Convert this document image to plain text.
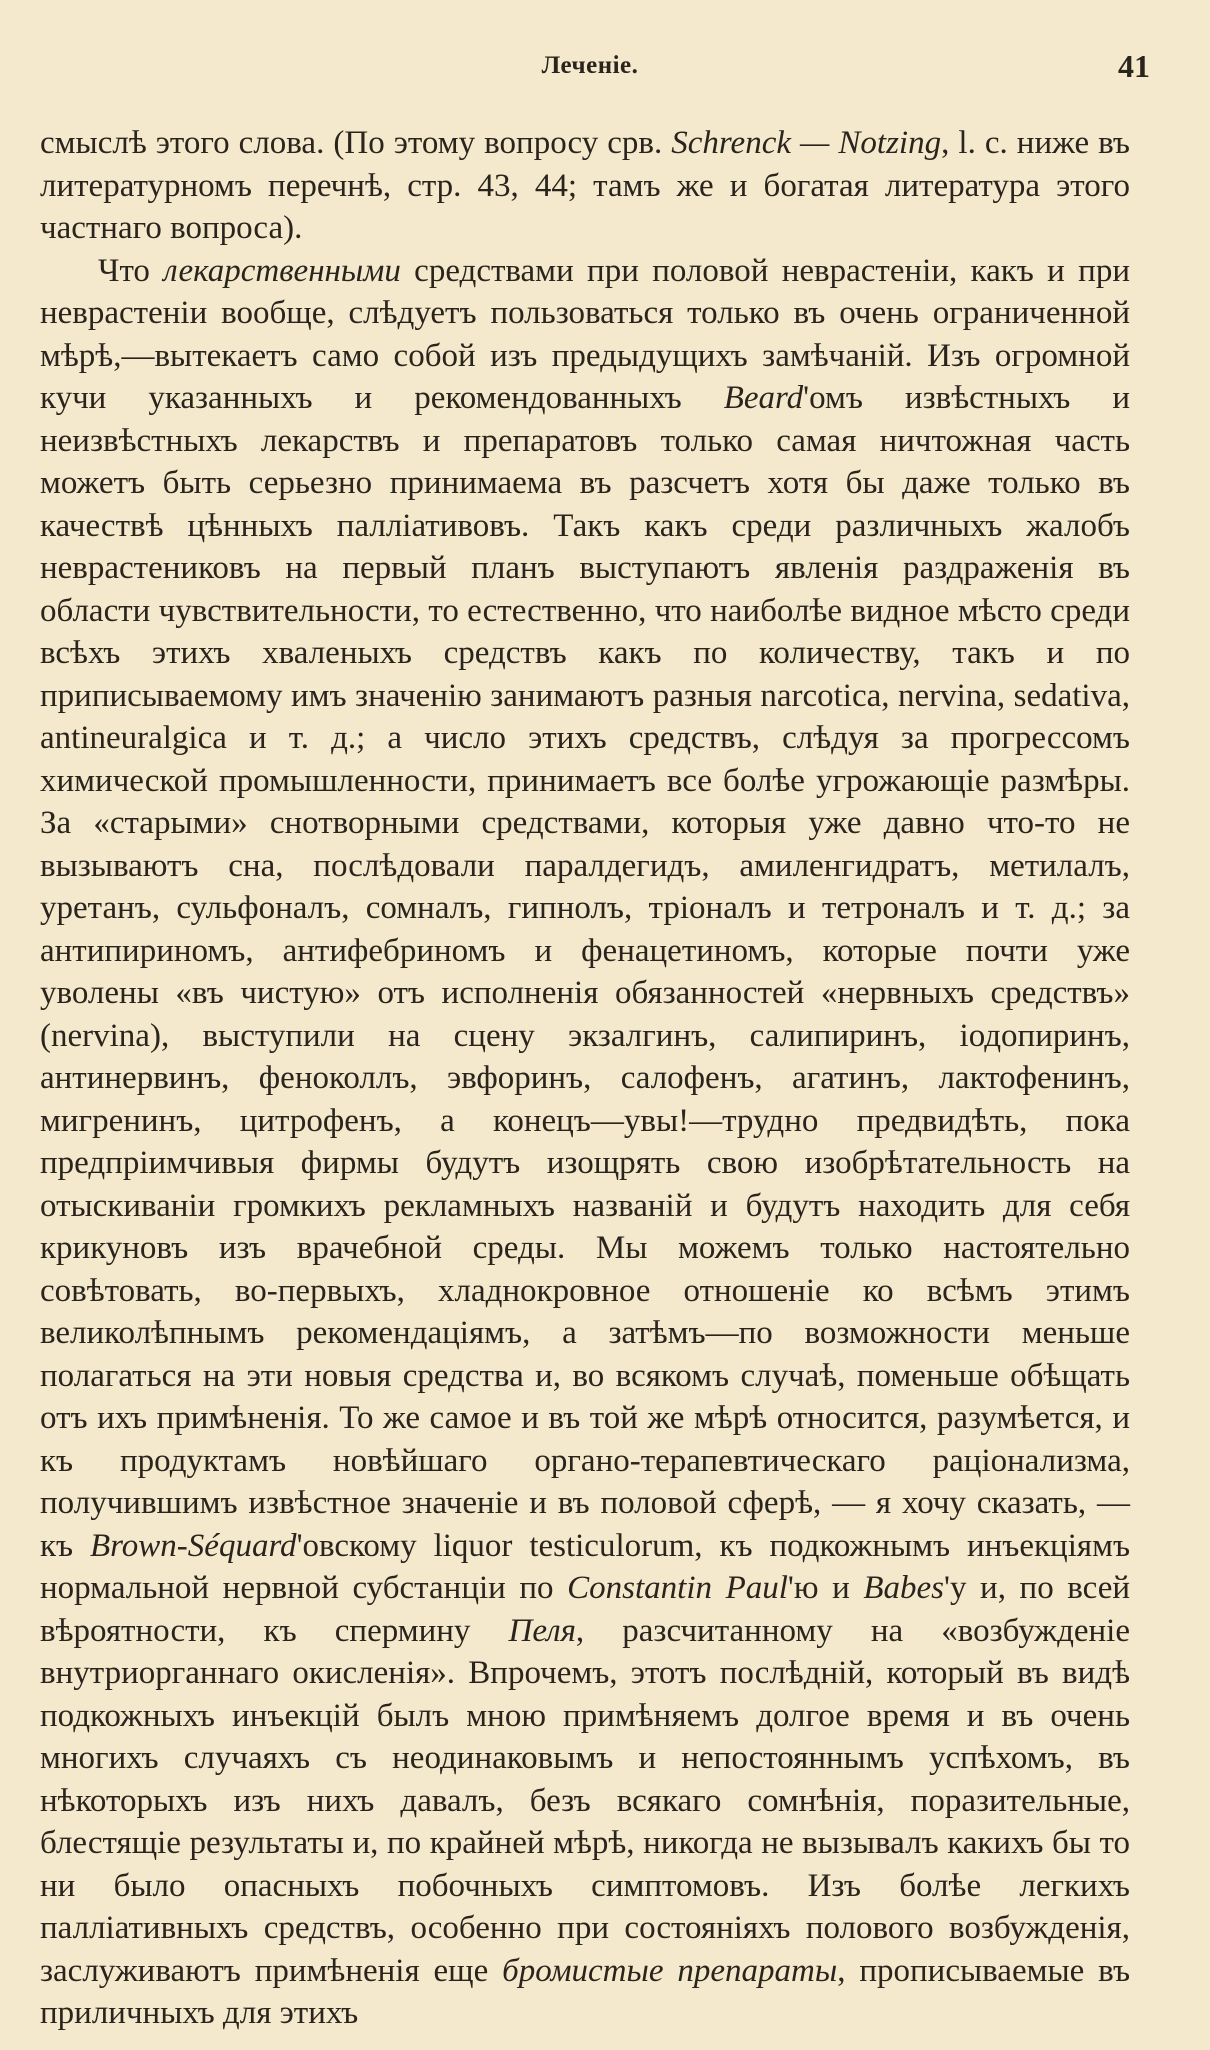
Леченіе.	41

смыслѣ этого слова. (По этому вопросу срв. Schrenck — Notzing, l. c. ниже въ литературномъ перечнѣ, стр. 43, 44; тамъ же и богатая литература этого частнаго вопроса).

Что лекарственными средствами при половой неврастеніи, какъ и при неврастеніи вообще, слѣдуетъ пользоваться только въ очень ограниченной мѣрѣ,—вытекаетъ само собой изъ предыдущихъ замѣчаній. Изъ огромной кучи указанныхъ и рекомендованныхъ Beard'омъ извѣстныхъ и неизвѣстныхъ лекарствъ и препаратовъ только самая ничтожная часть можетъ быть серьезно принимаема въ разсчетъ хотя бы даже только въ качествѣ цѣнныхъ палліативовъ. Такъ какъ среди различныхъ жалобъ неврастениковъ на первый планъ выступаютъ явленія раздраженія въ области чувствительности, то естественно, что наиболѣе видное мѣсто среди всѣхъ этихъ хваленыхъ средствъ какъ по количеству, такъ и по приписываемому имъ значенію занимаютъ разныя narcotica, nervina, sedativa, antineuralgica и т. д.; а число этихъ средствъ, слѣдуя за прогрессомъ химической промышленности, принимаетъ все болѣе угрожающіе размѣры. За «старыми» снотворными средствами, которыя уже давно что-то не вызываютъ сна, послѣдовали паралдегидъ, амиленгидратъ, метилалъ, уретанъ, сульфоналъ, сомналъ, гипнолъ, тріоналъ и тетроналъ и т. д.; за антипириномъ, антифебриномъ и фенацетиномъ, которые почти уже уволены «въ чистую» отъ исполненія обязанностей «нервныхъ средствъ» (nervina), выступили на сцену экзалгинъ, салипиринъ, іодопиринъ, антинервинъ, феноколлъ, эвфоринъ, салофенъ, агатинъ, лактофенинъ, мигренинъ, цитрофенъ, а конецъ—увы!—трудно предвидѣть, пока предпріимчивыя фирмы будутъ изощрять свою изобрѣтательность на отыскиваніи громкихъ рекламныхъ названій и будутъ находить для себя крикуновъ изъ врачебной среды. Мы можемъ только настоятельно совѣтовать, во-первыхъ, хладнокровное отношеніе ко всѣмъ этимъ великолѣпнымъ рекомендаціямъ, а затѣмъ—по возможности меньше полагаться на эти новыя средства и, во всякомъ случаѣ, поменьше обѣщать отъ ихъ примѣненія. То же самое и въ той же мѣрѣ относится, разумѣется, и къ продуктамъ новѣйшаго органо-терапевтическаго раціонализма, получившимъ извѣстное значеніе и въ половой сферѣ, — я хочу сказать, — къ Brown-Séquard'овскому liquor testiculorum, къ подкожнымъ инъекціямъ нормальной нервной субстанціи по Constantin Paul'ю и Babes'у и, по всей вѣроятности, къ спермину Пеля, разсчитанному на «возбужденіе внутриорганнаго окисленія». Впрочемъ, этотъ послѣдній, который въ видѣ подкожныхъ инъекцій былъ мною примѣняемъ долгое время и въ очень многихъ случаяхъ съ неодинаковымъ и непостояннымъ успѣхомъ, въ нѣкоторыхъ изъ нихъ давалъ, безъ всякаго сомнѣнія, поразительные, блестящіе результаты и, по крайней мѣрѣ, никогда не вызывалъ какихъ бы то ни было опасныхъ побочныхъ симптомовъ. Изъ болѣе легкихъ палліативныхъ средствъ, особенно при состояніяхъ полового возбужденія, заслуживаютъ примѣненія еще бромистые препараты, прописываемые въ приличныхъ для этихъ
